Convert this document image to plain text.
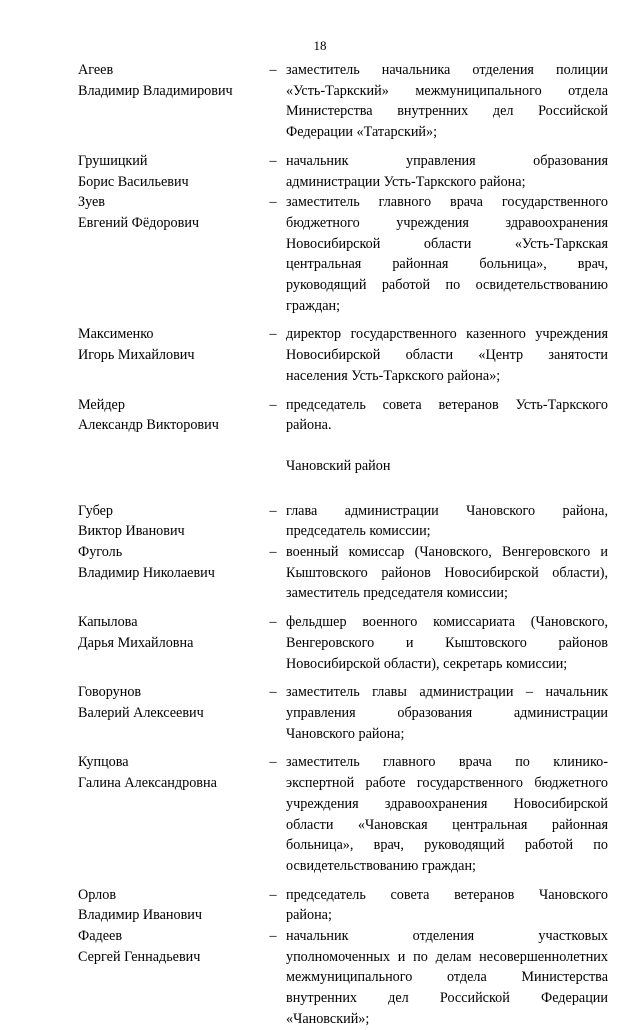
18
Агеев
Владимир Владимирович
– заместитель начальника отделения полиции
«Усть-Таркский» межмуниципального отдела
Министерства внутренних дел Российской
Федерации «Татарский»;
Грушицкий
Борис Васильевич
– начальник управления образования
администрации Усть-Таркского района;
Зуев
Евгений Фёдорович
– заместитель главного врача государственного
бюджетного учреждения здравоохранения
Новосибирской области «Усть-Таркская
центральная районная больница», врач,
руководящий работой по освидетельствованию
граждан;
Максименко
Игорь Михайлович
– директор государственного казенного учреждения
Новосибирской области «Центр занятости
населения Усть-Таркского района»;
Мейдер
Александр Викторович
– председатель совета ветеранов Усть-Таркского
района.
Чановский район
Губер
Виктор Иванович
– глава администрации Чановского района,
председатель комиссии;
Фуголь
Владимир Николаевич
– военный комиссар (Чановского, Венгеровского и
Кыштовского районов Новосибирской области),
заместитель председателя комиссии;
Капылова
Дарья Михайловна
– фельдшер военного комиссариата (Чановского,
Венгеровского и Кыштовского районов
Новосибирской области), секретарь комиссии;
Говорунов
Валерий Алексеевич
– заместитель главы администрации – начальник
управления образования администрации
Чановского района;
Купцова
Галина Александровна
– заместитель главного врача по клинико-
экспертной работе государственного бюджетного
учреждения здравоохранения Новосибирской
области «Чановская центральная районная
больница», врач, руководящий работой по
освидетельствованию граждан;
Орлов
Владимир Иванович
– председатель совета ветеранов Чановского
района;
Фадеев
Сергей Геннадьевич
– начальник отделения участковых
уполномоченных и по делам несовершеннолетних
межмуниципального отдела Министерства
внутренних дел Российской Федерации
«Чановский»;
